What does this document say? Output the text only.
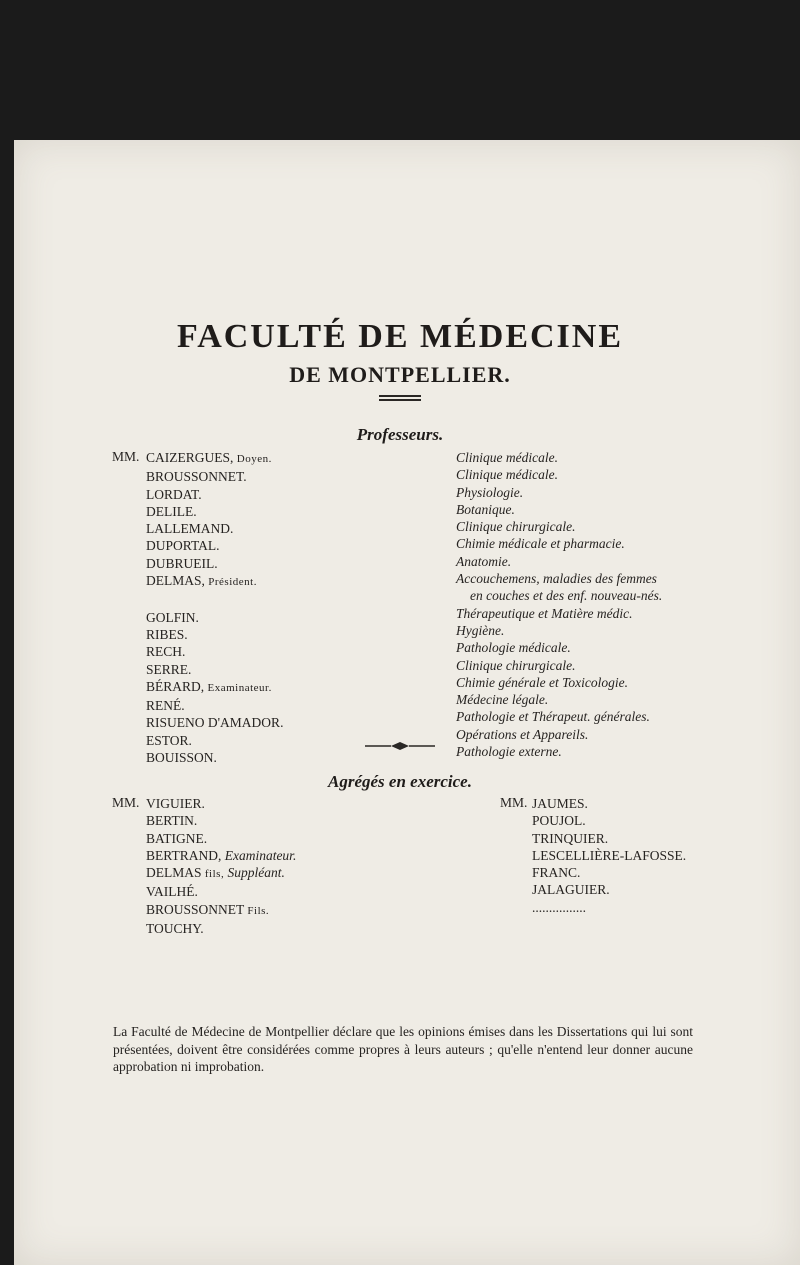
FACULTÉ DE MÉDECINE
DE MONTPELLIER.
Professeurs.
MM. CAIZERGUES, Doyen.
BROUSSONNET.
LORDAT.
DELILE.
LALLEMAND.
DUPORTAL.
DUBRUEIL.
DELMAS, Président.

GOLFIN.
RIBES.
RECH.
SERRE.
BÉRARD, Examinateur.
RENÉ.
RISUENO D'AMADOR.
ESTOR.
BOUISSON.
Clinique médicale.
Clinique médicale.
Physiologie.
Botanique.
Clinique chirurgicale.
Chimie médicale et pharmacie.
Anatomie.
Accouchemens, maladies des femmes
en couches et des enf. nouveau-nés.
Thérapeutique et Matière médic.
Hygiène.
Pathologie médicale.
Clinique chirurgicale.
Chimie générale et Toxicologie.
Médecine légale.
Pathologie et Thérapeut. générales.
Opérations et Appareils.
Pathologie externe.
Agrégés en exercice.
MM. VIGUIER.
BERTIN.
BATIGNE.
BERTRAND, Examinateur.
DELMAS fils, Suppléant.
VAILHÉ.
BROUSSONNET Fils.
TOUCHY.
MM. JAUMES.
POUJOL.
TRINQUIER.
LESCELLIÈRE-LAFOSSE.
FRANC.
JALAGUIER.
................
La Faculté de Médecine de Montpellier déclare que les opinions émises dans les Dissertations qui lui sont présentées, doivent être considérées comme propres à leurs auteurs ; qu'elle n'entend leur donner aucune approbation ni improbation.
